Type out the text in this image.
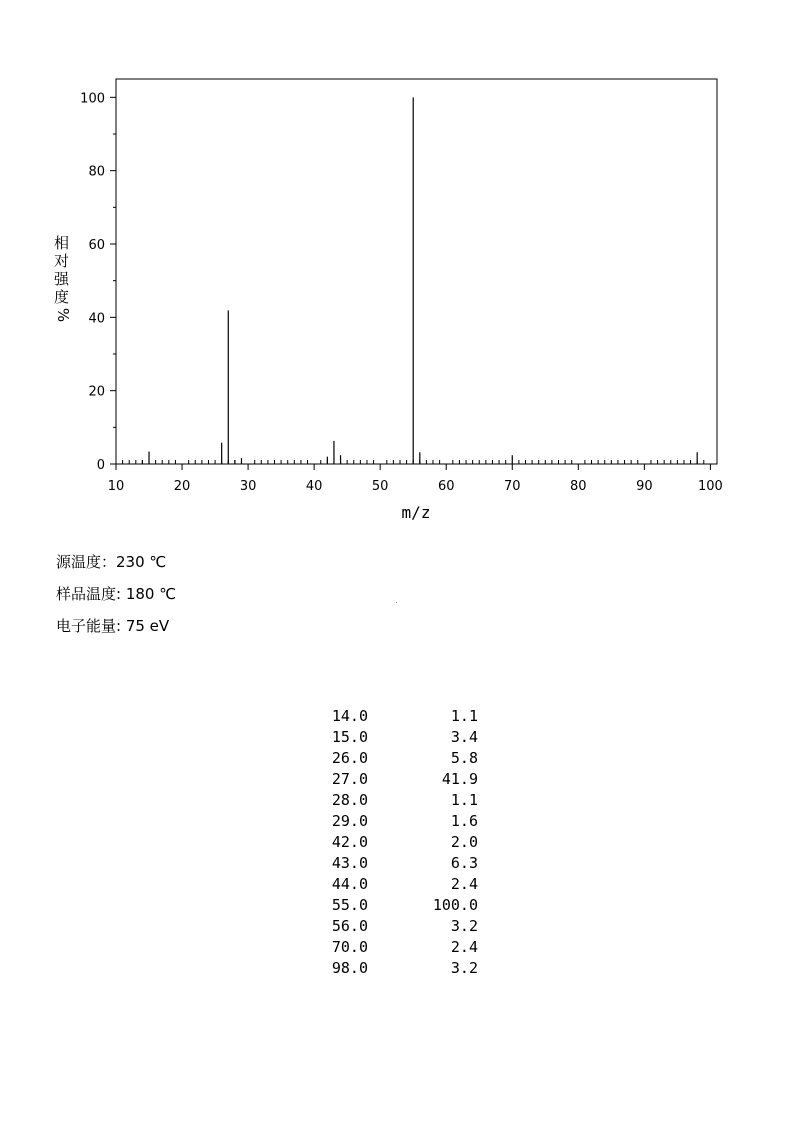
0
20
40
60
80
100
10	20	30	40	50	60	70	80	90	100
m/z
相
对
强
度
%
源温度：230 ℃
样品温度: 180 ℃
电子能量: 75 eV
14.0	1.1
15.0	3.4
26.0	5.8
27.0	41.9
28.0	1.1
29.0	1.6
42.0	2.0
43.0	6.3
44.0	2.4
55.0	100.0
56.0	3.2
70.0	2.4
98.0	3.2
